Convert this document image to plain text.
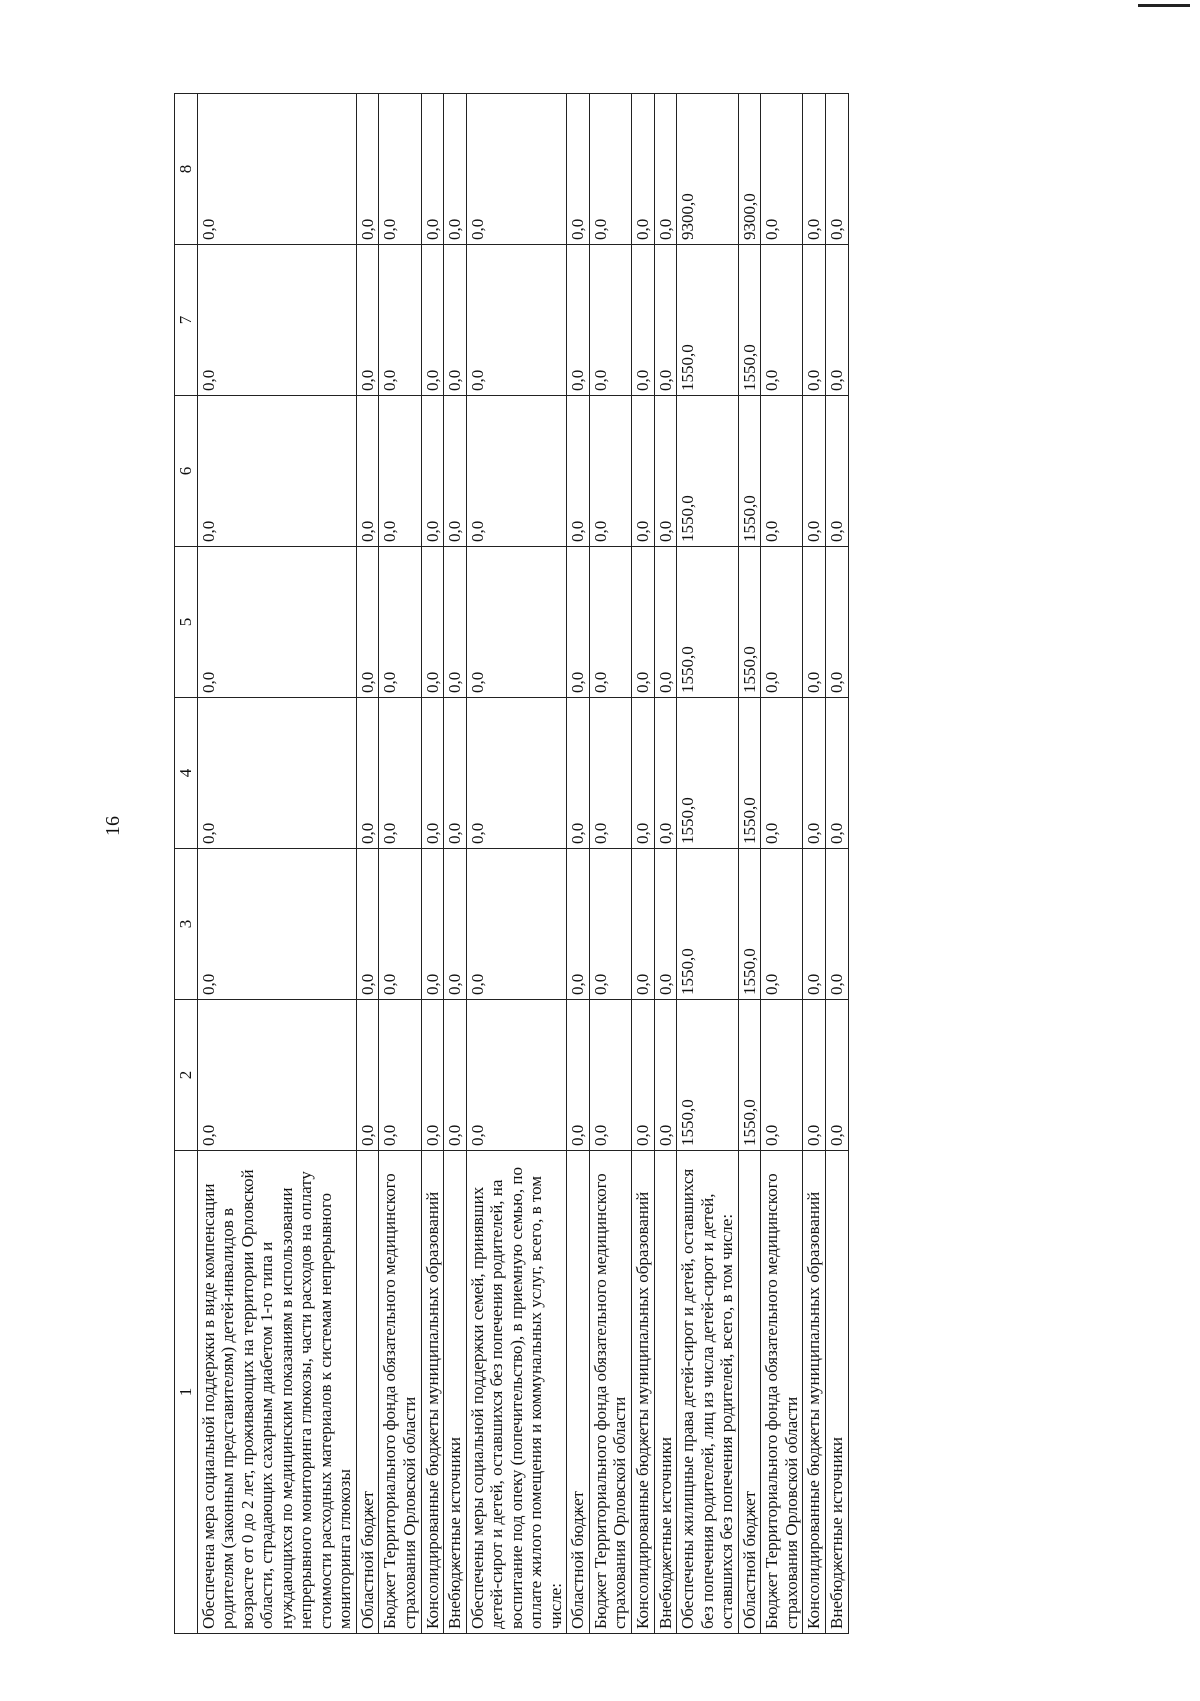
16
1	2	3	4	5	6	7	8
Обеспечена мера социальной поддержки в виде компенсации родителям (законным представителям) детей-инвалидов в возрасте от 0 до 2 лет, проживающих на территории Орловской области, страдающих сахарным диабетом 1-го типа и нуждающихся по медицинским показаниям в использовании непрерывного мониторинга глюкозы, части расходов на оплату стоимости расходных материалов к системам непрерывного мониторинга глюкозы	0,0	0,0	0,0	0,0	0,0	0,0	0,0
Областной бюджет	0,0	0,0	0,0	0,0	0,0	0,0	0,0
Бюджет Территориального фонда обязательного медицинского страхования Орловской области	0,0	0,0	0,0	0,0	0,0	0,0	0,0
Консолидированные бюджеты муниципальных образований	0,0	0,0	0,0	0,0	0,0	0,0	0,0
Внебюджетные источники	0,0	0,0	0,0	0,0	0,0	0,0	0,0
Обеспечены меры социальной поддержки семей, принявших детей-сирот и детей, оставшихся без попечения родителей, на воспитание под опеку (попечительство), в приемную семью, по оплате жилого помещения и коммунальных услуг, всего, в том числе:	0,0	0,0	0,0	0,0	0,0	0,0	0,0
Областной бюджет	0,0	0,0	0,0	0,0	0,0	0,0	0,0
Бюджет Территориального фонда обязательного медицинского страхования Орловской области	0,0	0,0	0,0	0,0	0,0	0,0	0,0
Консолидированные бюджеты муниципальных образований	0,0	0,0	0,0	0,0	0,0	0,0	0,0
Внебюджетные источники	0,0	0,0	0,0	0,0	0,0	0,0	0,0
Обеспечены жилищные права детей-сирот и детей, оставшихся без попечения родителей, лиц из числа детей-сирот и детей, оставшихся без попечения родителей, всего, в том числе:	1550,0	1550,0	1550,0	1550,0	1550,0	1550,0	9300,0
Областной бюджет	1550,0	1550,0	1550,0	1550,0	1550,0	1550,0	9300,0
Бюджет Территориального фонда обязательного медицинского страхования Орловской области	0,0	0,0	0,0	0,0	0,0	0,0	0,0
Консолидированные бюджеты муниципальных образований	0,0	0,0	0,0	0,0	0,0	0,0	0,0
Внебюджетные источники	0,0	0,0	0,0	0,0	0,0	0,0	0,0
